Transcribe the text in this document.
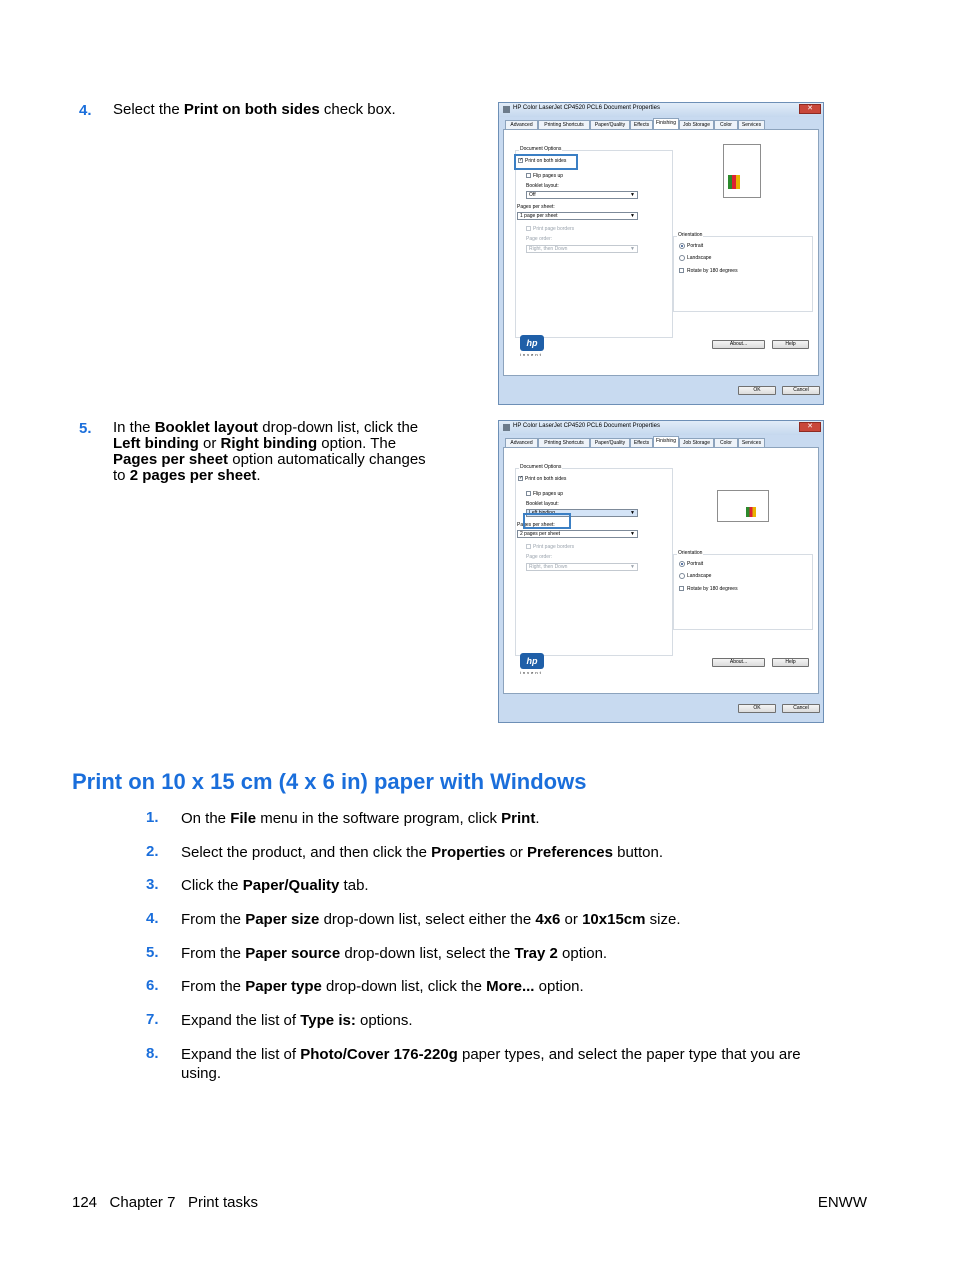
4. Select the Print on both sides check box.
5. In the Booklet layout drop-down list, click the
Left binding or Right binding option. The
Pages per sheet option automatically changes
to 2 pages per sheet.
HP Color LaserJet CP4520 PCL6 Document Properties	✕
Advanced	Printing Shortcuts	Paper/Quality	Effects	Finishing	Job Storage	Color	Services
Document Options
✓ Print on both sides
Flip pages up
Booklet layout:
Off	▼
Pages per sheet:
1 page per sheet	▼
Print page borders
Page order:
Right, then Down	▼
Orientation
Portrait
Landscape
Rotate by 180 degrees
hp
invent
About...	Help
OK	Cancel
HP Color LaserJet CP4520 PCL6 Document Properties	✕
Advanced	Printing Shortcuts	Paper/Quality	Effects	Finishing	Job Storage	Color	Services
Document Options
✓ Print on both sides
Flip pages up
Booklet layout:
Left binding	▼
Pages per sheet:
2 pages per sheet	▼
Print page borders
Page order:
Right, then Down	▼
Orientation
Portrait
Landscape
Rotate by 180 degrees
hp
invent
About...	Help
OK	Cancel
Print on 10 x 15 cm (4 x 6 in) paper with Windows
1. On the File menu in the software program, click Print.
2. Select the product, and then click the Properties or Preferences button.
3. Click the Paper/Quality tab.
4. From the Paper size drop-down list, select either the 4x6 or 10x15cm size.
5. From the Paper source drop-down list, select the Tray 2 option.
6. From the Paper type drop-down list, click the More... option.
7. Expand the list of Type is: options.
8. Expand the list of Photo/Cover 176-220g paper types, and select the paper type that you are
using.
124 Chapter 7 Print tasks	ENWW
